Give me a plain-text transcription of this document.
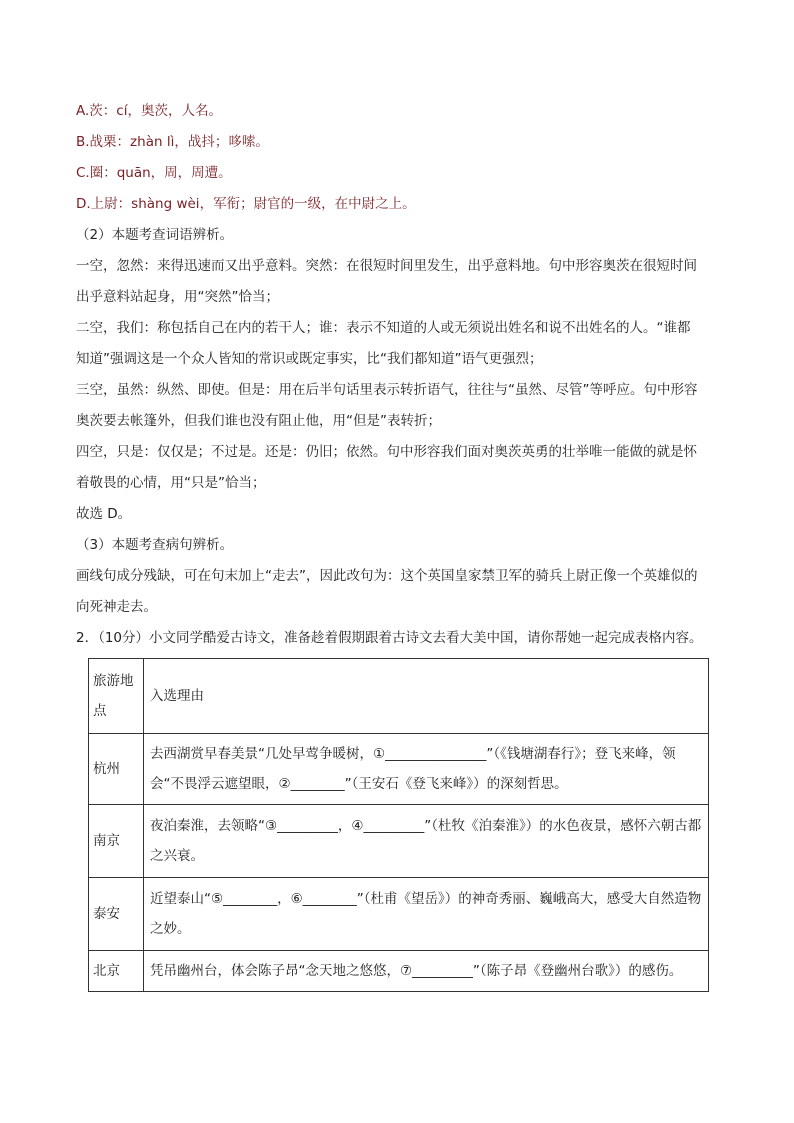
A.茨：cí，奥茨，人名。

B.战栗：zhàn lì，战抖；哆嗦。

C.圈：quān，周，周遭。

D.上尉：shàng wèi，军衔；尉官的一级，在中尉之上。

（2）本题考查词语辨析。

一空，忽然：来得迅速而又出乎意料。突然：在很短时间里发生，出乎意料地。句中形容奥茨在很短时间

出乎意料站起身，用“突然”恰当；

二空，我们：称包括自己在内的若干人；谁：表示不知道的人或无须说出姓名和说不出姓名的人。“谁都

知道”强调这是一个众人皆知的常识或既定事实，比“我们都知道”语气更强烈；

三空，虽然：纵然、即使。但是：用在后半句话里表示转折语气，往往与“虽然、尽管”等呼应。句中形容

奥茨要去帐篷外，但我们谁也没有阻止他，用“但是”表转折；

四空，只是：仅仅是；不过是。还是：仍旧；依然。句中形容我们面对奥茨英勇的壮举唯一能做的就是怀

着敬畏的心情，用“只是”恰当；

故选 D。

（3）本题考查病句辨析。

画线句成分残缺，可在句末加上“走去”，因此改句为：这个英国皇家禁卫军的骑兵上尉正像一个英雄似的

向死神走去。

2．（10分）小文同学酷爱古诗文，准备趁着假期跟着古诗文去看大美中国，请你帮她一起完成表格内容。

旅游地点	入选理由
杭州	去西湖赏早春美景“几处早莺争暖树，①_______________”（《钱塘湖春行》；登飞来峰，领会“不畏浮云遮望眼，②________”（王安石《登飞来峰》）的深刻哲思。
南京	夜泊秦淮，去领略“③_________，④_________”（杜牧《泊秦淮》）的水色夜景，感怀六朝古都之兴衰。
泰安	近望泰山“⑤________，⑥________”（杜甫《望岳》）的神奇秀丽、巍峨高大，感受大自然造物之妙。
北京	凭吊幽州台，体会陈子昂“念天地之悠悠，⑦_________”（陈子昂《登幽州台歌》）的感伤。
